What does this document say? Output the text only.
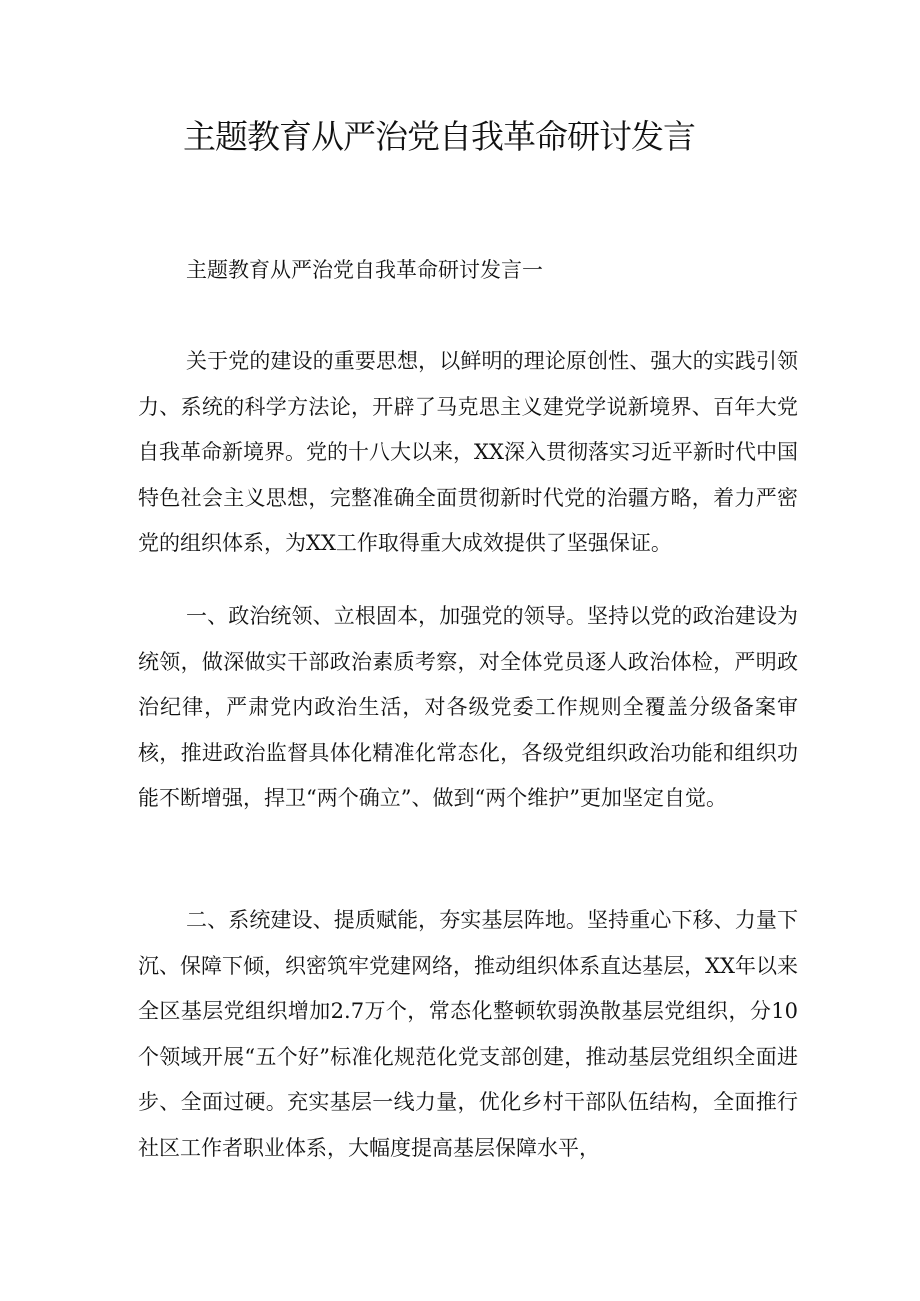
主题教育从严治党自我革命研讨发言

主题教育从严治党自我革命研讨发言一

关于党的建设的重要思想，以鲜明的理论原创性、强大的实践引领力、系统的科学方法论，开辟了马克思主义建党学说新境界、百年大党自我革命新境界。党的十八大以来，XX深入贯彻落实习近平新时代中国特色社会主义思想，完整准确全面贯彻新时代党的治疆方略，着力严密党的组织体系，为XX工作取得重大成效提供了坚强保证。

一、政治统领、立根固本，加强党的领导。坚持以党的政治建设为统领，做深做实干部政治素质考察，对全体党员逐人政治体检，严明政治纪律，严肃党内政治生活，对各级党委工作规则全覆盖分级备案审核，推进政治监督具体化精准化常态化，各级党组织政治功能和组织功能不断增强，捍卫“两个确立”、做到“两个维护”更加坚定自觉。

二、系统建设、提质赋能，夯实基层阵地。坚持重心下移、力量下沉、保障下倾，织密筑牢党建网络，推动组织体系直达基层，XX年以来全区基层党组织增加2.7万个，常态化整顿软弱涣散基层党组织，分10个领域开展“五个好”标准化规范化党支部创建，推动基层党组织全面进步、全面过硬。充实基层一线力量，优化乡村干部队伍结构，全面推行社区工作者职业体系，大幅度提高基层保障水平，
